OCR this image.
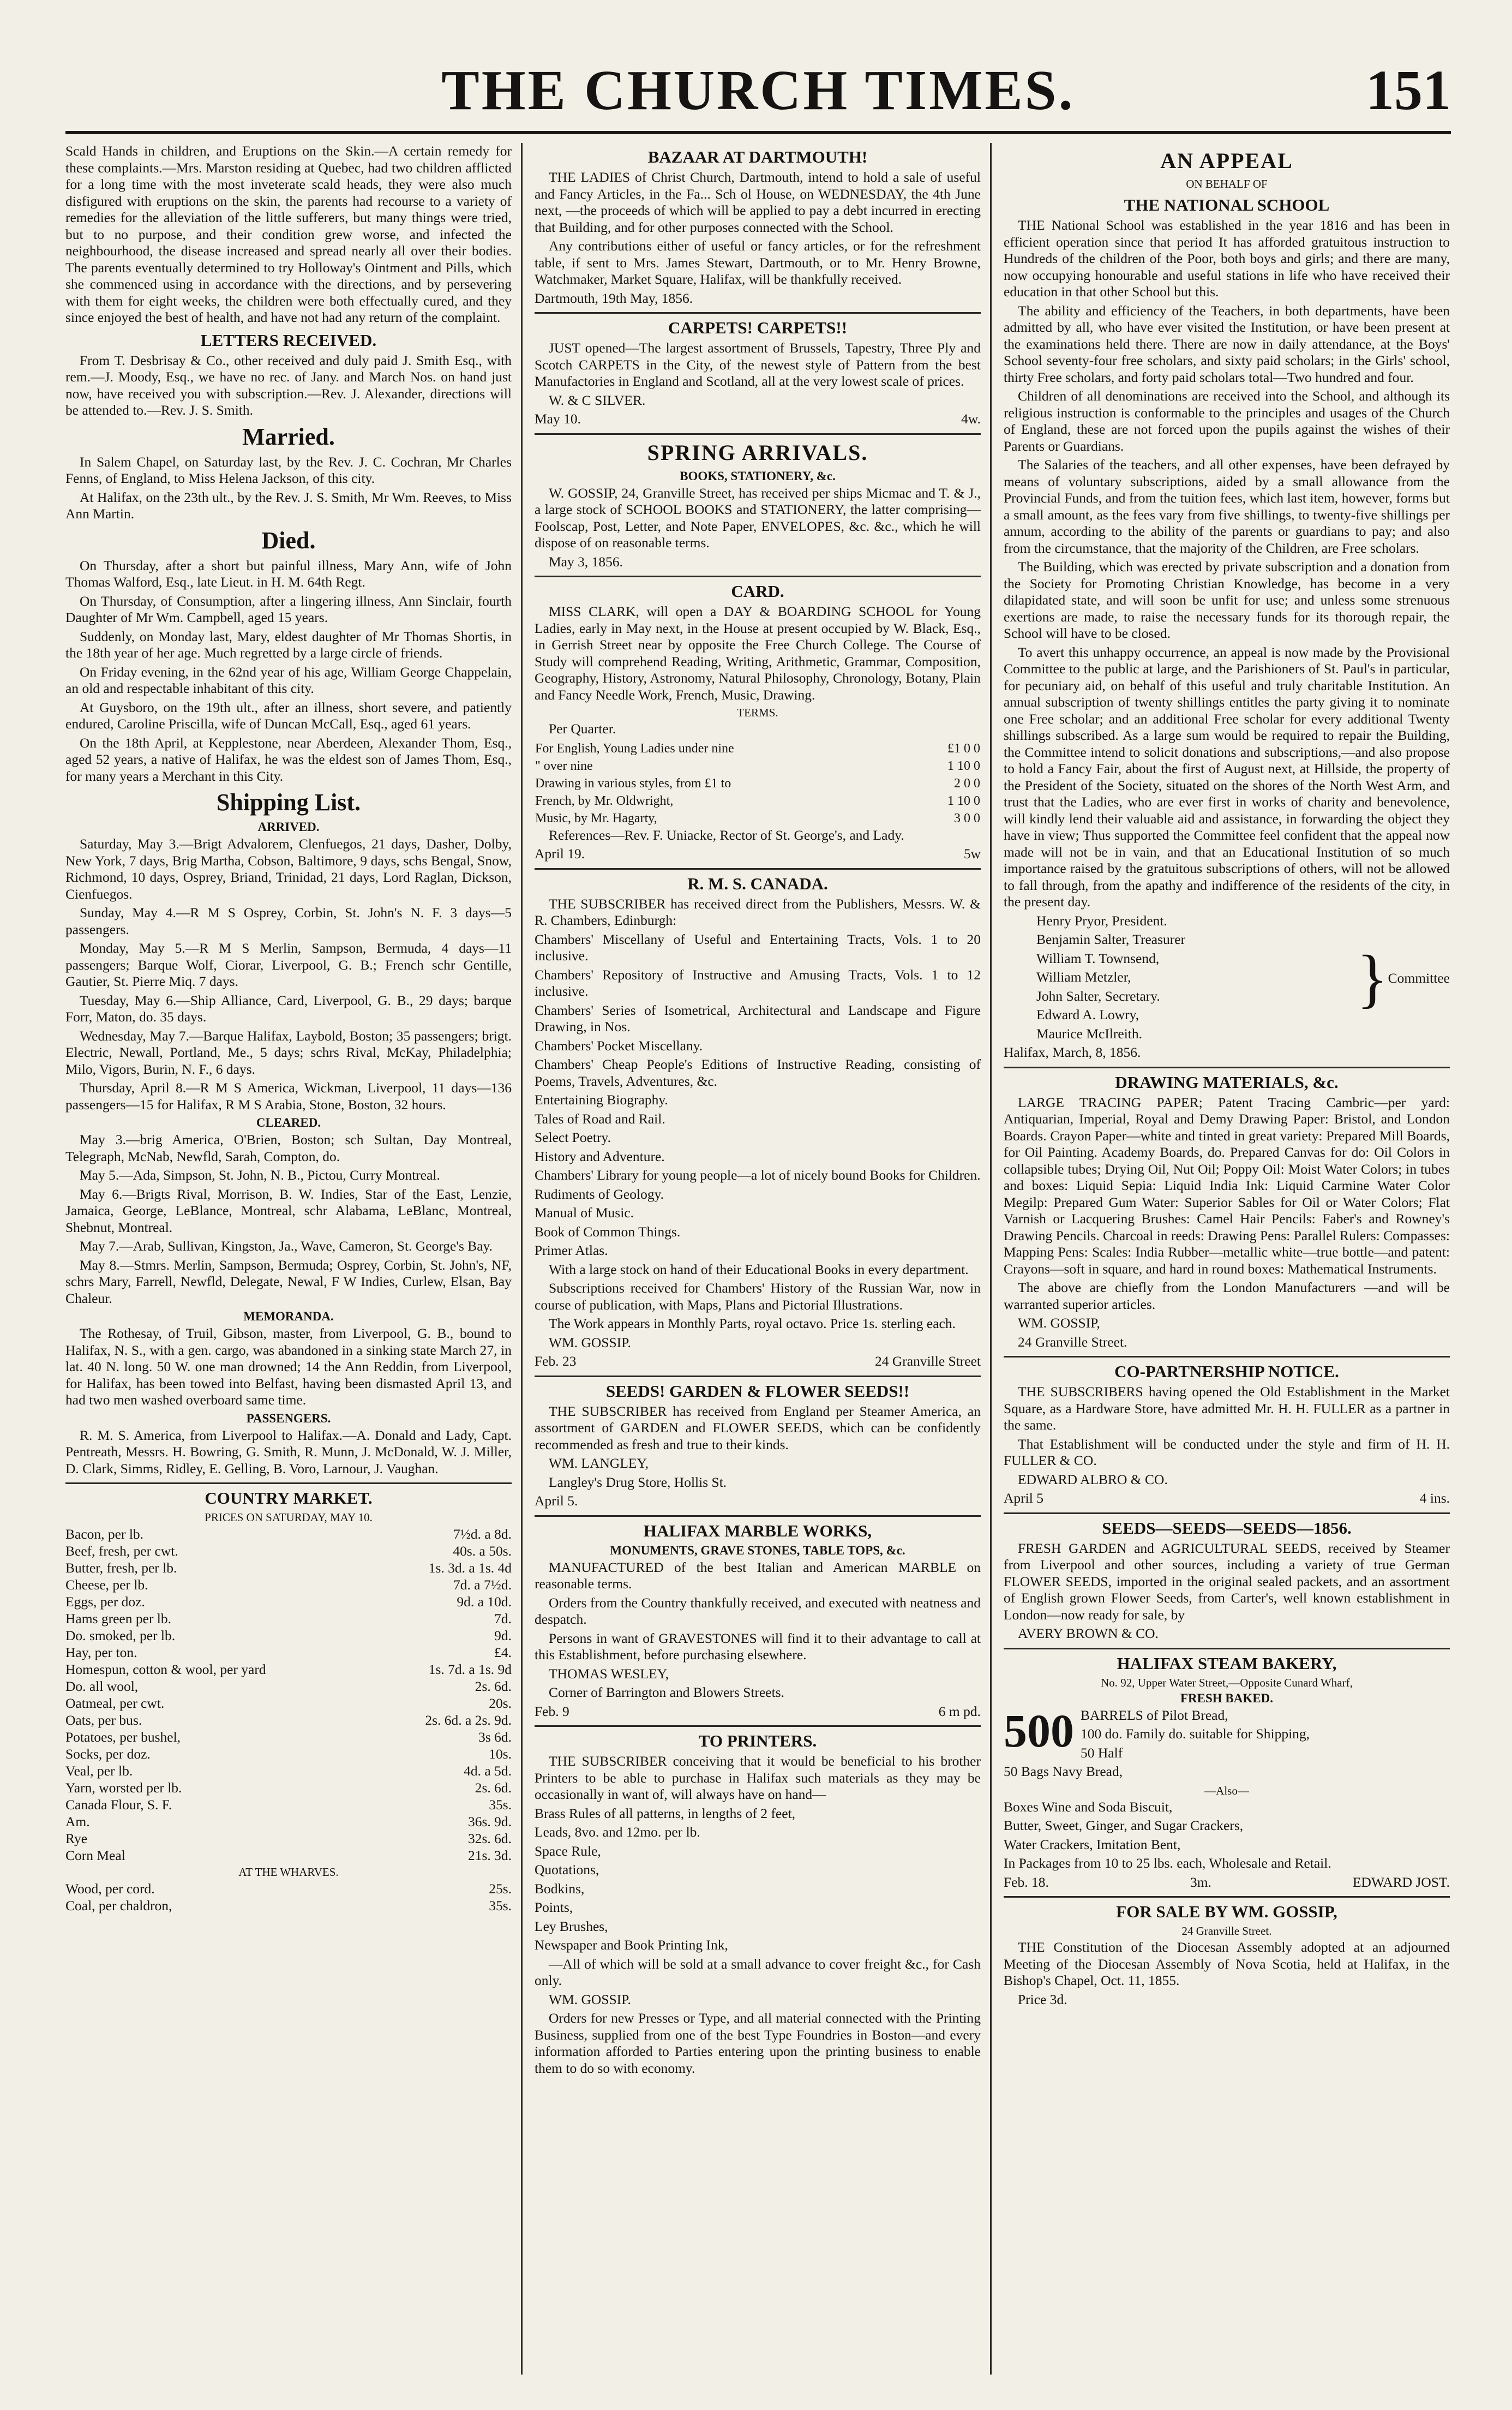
THE CHURCH TIMES.	151

Scald Hands in children, and Eruptions on the Skin.—A certain remedy for these complaints.—Mrs. Marston residing at Quebec, had two children afflicted for a long time with the most inveterate scald heads, they were also much disfigured with eruptions on the skin, the parents had recourse to a variety of remedies for the alleviation of the little sufferers, but many things were tried, but to no purpose, and their condition grew worse, and infected the neighbourhood, the disease increased and spread nearly all over their bodies. The parents eventually determined to try Holloway's Ointment and Pills, which she commenced using in accordance with the directions, and by persevering with them for eight weeks, the children were both effectually cured, and they since enjoyed the best of health, and have not had any return of the complaint.

LETTERS RECEIVED.

From T. Desbrisay & Co., other received and duly paid J. Smith Esq., with rem.—J. Moody, Esq., we have no rec. of Jany. and March Nos. on hand just now, have received you with subscription.—Rev. J. Alexander, directions will be attended to.—Rev. J. S. Smith.

Married.

In Salem Chapel, on Saturday last, by the Rev. J. C. Cochran, Mr Charles Fenns, of England, to Miss Helena Jackson, of this city.

At Halifax, on the 23th ult., by the Rev. J. S. Smith, Mr Wm. Reeves, to Miss Ann Martin.

Died.

On Thursday, after a short but painful illness, Mary Ann, wife of John Thomas Walford, Esq., late Lieut. in H. M. 64th Regt.

On Thursday, of Consumption, after a lingering illness, Ann Sinclair, fourth Daughter of Mr Wm. Campbell, aged 15 years.

Suddenly, on Monday last, Mary, eldest daughter of Mr Thomas Shortis, in the 18th year of her age. Much regretted by a large circle of friends.

On Friday evening, in the 62nd year of his age, William George Chappelain, an old and respectable inhabitant of this city.

At Guysboro, on the 19th ult., after an illness, short severe, and patiently endured, Caroline Priscilla, wife of Duncan McCall, Esq., aged 61 years.

On the 18th April, at Kepplestone, near Aberdeen, Alexander Thom, Esq., aged 52 years, a native of Halifax, he was the eldest son of James Thom, Esq., for many years a Merchant in this City.

Shipping List.
ARRIVED.

Saturday, May 3.—Brigt Advalorem, Clenfuegos, 21 days, Dasher, Dolby, New York, 7 days, Brig Martha, Cobson, Baltimore, 9 days, schs Bengal, Snow, Richmond, 10 days, Osprey, Briand, Trinidad, 21 days, Lord Raglan, Dickson, Cienfuegos.

Sunday, May 4.—R M S Osprey, Corbin, St. John's N. F. 3 days—5 passengers.

Monday, May 5.—R M S Merlin, Sampson, Bermuda, 4 days—11 passengers; Barque Wolf, Ciorar, Liverpool, G. B.; French schr Gentille, Gautier, St. Pierre Miq. 7 days.

Tuesday, May 6.—Ship Alliance, Card, Liverpool, G. B., 29 days; barque Forr, Maton, do. 35 days.

Wednesday, May 7.—Barque Halifax, Laybold, Boston; 35 passengers; brigt. Electric, Newall, Portland, Me., 5 days; schrs Rival, McKay, Philadelphia; Milo, Vigors, Burin, N. F., 6 days.

Thursday, April 8.—R M S America, Wickman, Liverpool, 11 days—136 passengers—15 for Halifax, R M S Arabia, Stone, Boston, 32 hours.

CLEARED.

May 3.—brig America, O'Brien, Boston; sch Sultan, Day Montreal, Telegraph, McNab, Newfld, Sarah, Compton, do.

May 5.—Ada, Simpson, St. John, N. B., Pictou, Curry Montreal.

May 6.—Brigts Rival, Morrison, B. W. Indies, Star of the East, Lenzie, Jamaica, George, LeBlance, Montreal, schr Alabama, LeBlanc, Montreal, Shebnut, Montreal.

May 7.—Arab, Sullivan, Kingston, Ja., Wave, Cameron, St. George's Bay.

May 8.—Stmrs. Merlin, Sampson, Bermuda; Osprey, Corbin, St. John's, NF, schrs Mary, Farrell, Newfld, Delegate, Newal, F W Indies, Curlew, Elsan, Bay Chaleur.

MEMORANDA.

The Rothesay, of Truil, Gibson, master, from Liverpool, G. B., bound to Halifax, N. S., with a gen. cargo, was abandoned in a sinking state March 27, in lat. 40 N. long. 50 W. one man drowned; 14 the Ann Reddin, from Liverpool, for Halifax, has been towed into Belfast, having been dismasted April 13, and had two men washed overboard same time.

PASSENGERS.

R. M. S. America, from Liverpool to Halifax.—A. Donald and Lady, Capt. Pentreath, Messrs. H. Bowring, G. Smith, R. Munn, J. McDonald, W. J. Miller, D. Clark, Simms, Ridley, E. Gelling, B. Voro, Larnour, J. Vaughan.

COUNTRY MARKET.
PRICES ON SATURDAY, MAY 10.
Bacon, per lb.	7½d. a 8d.
Beef, fresh, per cwt.	40s. a 50s.
Butter, fresh, per lb.	1s. 3d. a 1s. 4d
Cheese, per lb.	7d. a 7½d.
Eggs, per doz.	9d. a 10d.
Hams green per lb.	7d.
Do. smoked, per lb.	9d.
Hay, per ton.	£4.
Homespun, cotton & wool, per yard	1s. 7d. a 1s. 9d
Do. all wool,	2s. 6d.
Oatmeal, per cwt.	20s.
Oats, per bus.	2s. 6d. a 2s. 9d.
Potatoes, per bushel,	3s 6d.
Socks, per doz.	10s.
Veal, per lb.	4d. a 5d.
Yarn, worsted per lb.	2s. 6d.
Canada Flour, S. F.	35s.
Am.	36s. 9d.
Rye	32s. 6d.
Corn Meal	21s. 3d.
AT THE WHARVES.
Wood, per cord.	25s.
Coal, per chaldron,	35s.
BAZAAR AT DARTMOUTH!

THE LADIES of Christ Church, Dartmouth, intend to hold a sale of useful and Fancy Articles, in the Fa... Sch ol House, on WEDNESDAY, the 4th June next, —the proceeds of which will be applied to pay a debt incurred in erecting that Building, and for other purposes connected with the School.

Any contributions either of useful or fancy articles, or for the refreshment table, if sent to Mrs. James Stewart, Dartmouth, or to Mr. Henry Browne, Watchmaker, Market Square, Halifax, will be thankfully received.

Dartmouth, 19th May, 1856.

CARPETS! CARPETS!!

JUST opened—The largest assortment of Brussels, Tapestry, Three Ply and Scotch CARPETS in the City, of the newest style of Pattern from the best Manufactories in England and Scotland, all at the very lowest scale of prices.

W. & C SILVER.

May 10.	4w.
SPRING ARRIVALS.
BOOKS, STATIONERY, &c.

W. GOSSIP, 24, Granville Street, has received per ships Micmac and T. & J., a large stock of SCHOOL BOOKS and STATIONERY, the latter comprising—Foolscap, Post, Letter, and Note Paper, ENVELOPES, &c. &c., which he will dispose of on reasonable terms.

May 3, 1856.

CARD.

MISS CLARK, will open a DAY & BOARDING SCHOOL for Young Ladies, early in May next, in the House at present occupied by W. Black, Esq., in Gerrish Street near by opposite the Free Church College. The Course of Study will comprehend Reading, Writing, Arithmetic, Grammar, Composition, Geography, History, Astronomy, Natural Philosophy, Chronology, Botany, Plain and Fancy Needle Work, French, Music, Drawing.

TERMS.

Per Quarter.

For English, Young Ladies under nine	£1 0 0
" over nine	1 10 0
Drawing in various styles, from £1 to	2 0 0
French, by Mr. Oldwright,	1 10 0
Music, by Mr. Hagarty,	3 0 0

References—Rev. F. Uniacke, Rector of St. George's, and Lady.

April 19.	5w
R. M. S. CANADA.

THE SUBSCRIBER has received direct from the Publishers, Messrs. W. & R. Chambers, Edinburgh:

Chambers' Miscellany of Useful and Entertaining Tracts, Vols. 1 to 20 inclusive.

Chambers' Repository of Instructive and Amusing Tracts, Vols. 1 to 12 inclusive.

Chambers' Series of Isometrical, Architectural and Landscape and Figure Drawing, in Nos.

Chambers' Pocket Miscellany.

Chambers' Cheap People's Editions of Instructive Reading, consisting of Poems, Travels, Adventures, &c.

Entertaining Biography.

Tales of Road and Rail.

Select Poetry.

History and Adventure.

Chambers' Library for young people—a lot of nicely bound Books for Children.

Rudiments of Geology.

Manual of Music.

Book of Common Things.

Primer Atlas.

With a large stock on hand of their Educational Books in every department.

Subscriptions received for Chambers' History of the Russian War, now in course of publication, with Maps, Plans and Pictorial Illustrations.

The Work appears in Monthly Parts, royal octavo. Price 1s. sterling each.

WM. GOSSIP.

Feb. 23	24 Granville Street
SEEDS! GARDEN & FLOWER SEEDS!!

THE SUBSCRIBER has received from England per Steamer America, an assortment of GARDEN and FLOWER SEEDS, which can be confidently recommended as fresh and true to their kinds.

WM. LANGLEY,

Langley's Drug Store, Hollis St.

April 5.

HALIFAX MARBLE WORKS,
MONUMENTS, GRAVE STONES, TABLE TOPS, &c.

MANUFACTURED of the best Italian and American MARBLE on reasonable terms.

Orders from the Country thankfully received, and executed with neatness and despatch.

Persons in want of GRAVESTONES will find it to their advantage to call at this Establishment, before purchasing elsewhere.

THOMAS WESLEY,

Corner of Barrington and Blowers Streets.

Feb. 9	6 m pd.
TO PRINTERS.

THE SUBSCRIBER conceiving that it would be beneficial to his brother Printers to be able to purchase in Halifax such materials as they may be occasionally in want of, will always have on hand—

Brass Rules of all patterns, in lengths of 2 feet,

Leads, 8vo. and 12mo. per lb.

Space Rule,

Quotations,

Bodkins,

Points,

Ley Brushes,

Newspaper and Book Printing Ink,

—All of which will be sold at a small advance to cover freight &c., for Cash only.

WM. GOSSIP.

Orders for new Presses or Type, and all material connected with the Printing Business, supplied from one of the best Type Foundries in Boston—and every information afforded to Parties entering upon the printing business to enable them to do so with economy.

AN APPEAL
ON BEHALF OF
THE NATIONAL SCHOOL

THE National School was established in the year 1816 and has been in efficient operation since that period It has afforded gratuitous instruction to Hundreds of the children of the Poor, both boys and girls; and there are many, now occupying honourable and useful stations in life who have received their education in that other School but this.

The ability and efficiency of the Teachers, in both departments, have been admitted by all, who have ever visited the Institution, or have been present at the examinations held there. There are now in daily attendance, at the Boys' School seventy-four free scholars, and sixty paid scholars; in the Girls' school, thirty Free scholars, and forty paid scholars total—Two hundred and four.

Children of all denominations are received into the School, and although its religious instruction is conformable to the principles and usages of the Church of England, these are not forced upon the pupils against the wishes of their Parents or Guardians.

The Salaries of the teachers, and all other expenses, have been defrayed by means of voluntary subscriptions, aided by a small allowance from the Provincial Funds, and from the tuition fees, which last item, however, forms but a small amount, as the fees vary from five shillings, to twenty-five shillings per annum, according to the ability of the parents or guardians to pay; and also from the circumstance, that the majority of the Children, are Free scholars.

The Building, which was erected by private subscription and a donation from the Society for Promoting Christian Knowledge, has become in a very dilapidated state, and will soon be unfit for use; and unless some strenuous exertions are made, to raise the necessary funds for its thorough repair, the School will have to be closed.

To avert this unhappy occurrence, an appeal is now made by the Provisional Committee to the public at large, and the Parishioners of St. Paul's in particular, for pecuniary aid, on behalf of this useful and truly charitable Institution. An annual subscription of twenty shillings entitles the party giving it to nominate one Free scholar; and an additional Free scholar for every additional Twenty shillings subscribed. As a large sum would be required to repair the Building, the Committee intend to solicit donations and subscriptions,—and also propose to hold a Fancy Fair, about the first of August next, at Hillside, the property of the President of the Society, situated on the shores of the North West Arm, and trust that the Ladies, who are ever first in works of charity and benevolence, will kindly lend their valuable aid and assistance, in forwarding the object they have in view; Thus supported the Committee feel confident that the appeal now made will not be in vain, and that an Educational Institution of so much importance raised by the gratuitous subscriptions of others, will not be allowed to fall through, from the apathy and indifference of the residents of the city, in the present day.

Henry Pryor, President.

Benjamin Salter, Treasurer

William T. Townsend,

William Metzler,

John Salter, Secretary.

Edward A. Lowry,

Maurice McIlreith.

} Committee

Halifax, March, 8, 1856.

DRAWING MATERIALS, &c.

LARGE TRACING PAPER; Patent Tracing Cambric—per yard: Antiquarian, Imperial, Royal and Demy Drawing Paper: Bristol, and London Boards. Crayon Paper—white and tinted in great variety: Prepared Mill Boards, for Oil Painting. Academy Boards, do. Prepared Canvas for do: Oil Colors in collapsible tubes; Drying Oil, Nut Oil; Poppy Oil: Moist Water Colors; in tubes and boxes: Liquid Sepia: Liquid India Ink: Liquid Carmine Water Color Megilp: Prepared Gum Water: Superior Sables for Oil or Water Colors; Flat Varnish or Lacquering Brushes: Camel Hair Pencils: Faber's and Rowney's Drawing Pencils. Charcoal in reeds: Drawing Pens: Parallel Rulers: Compasses: Mapping Pens: Scales: India Rubber—metallic white—true bottle—and patent: Crayons—soft in square, and hard in round boxes: Mathematical Instruments.

The above are chiefly from the London Manufacturers —and will be warranted superior articles.

WM. GOSSIP,

24 Granville Street.

CO-PARTNERSHIP NOTICE.

THE SUBSCRIBERS having opened the Old Establishment in the Market Square, as a Hardware Store, have admitted Mr. H. H. FULLER as a partner in the same.

That Establishment will be conducted under the style and firm of H. H. FULLER & CO.

EDWARD ALBRO & CO.

April 5	4 ins.
SEEDS—SEEDS—SEEDS—1856.

FRESH GARDEN and AGRICULTURAL SEEDS, received by Steamer from Liverpool and other sources, including a variety of true German FLOWER SEEDS, imported in the original sealed packets, and an assortment of English grown Flower Seeds, from Carter's, well known establishment in London—now ready for sale, by

AVERY BROWN & CO.

HALIFAX STEAM BAKERY,
No. 92, Upper Water Street,—Opposite Cunard Wharf,
FRESH BAKED.
500 BARRELS of Pilot Bread,

100 do. Family do. suitable for Shipping,

50 Half

50 Bags Navy Bread,

—Also—

Boxes Wine and Soda Biscuit,

Butter, Sweet, Ginger, and Sugar Crackers,

Water Crackers, Imitation Bent,

In Packages from 10 to 25 lbs. each, Wholesale and Retail.

Feb. 18.	3m.	EDWARD JOST.
FOR SALE BY WM. GOSSIP,
24 Granville Street.

THE Constitution of the Diocesan Assembly adopted at an adjourned Meeting of the Diocesan Assembly of Nova Scotia, held at Halifax, in the Bishop's Chapel, Oct. 11, 1855.

Price 3d.
